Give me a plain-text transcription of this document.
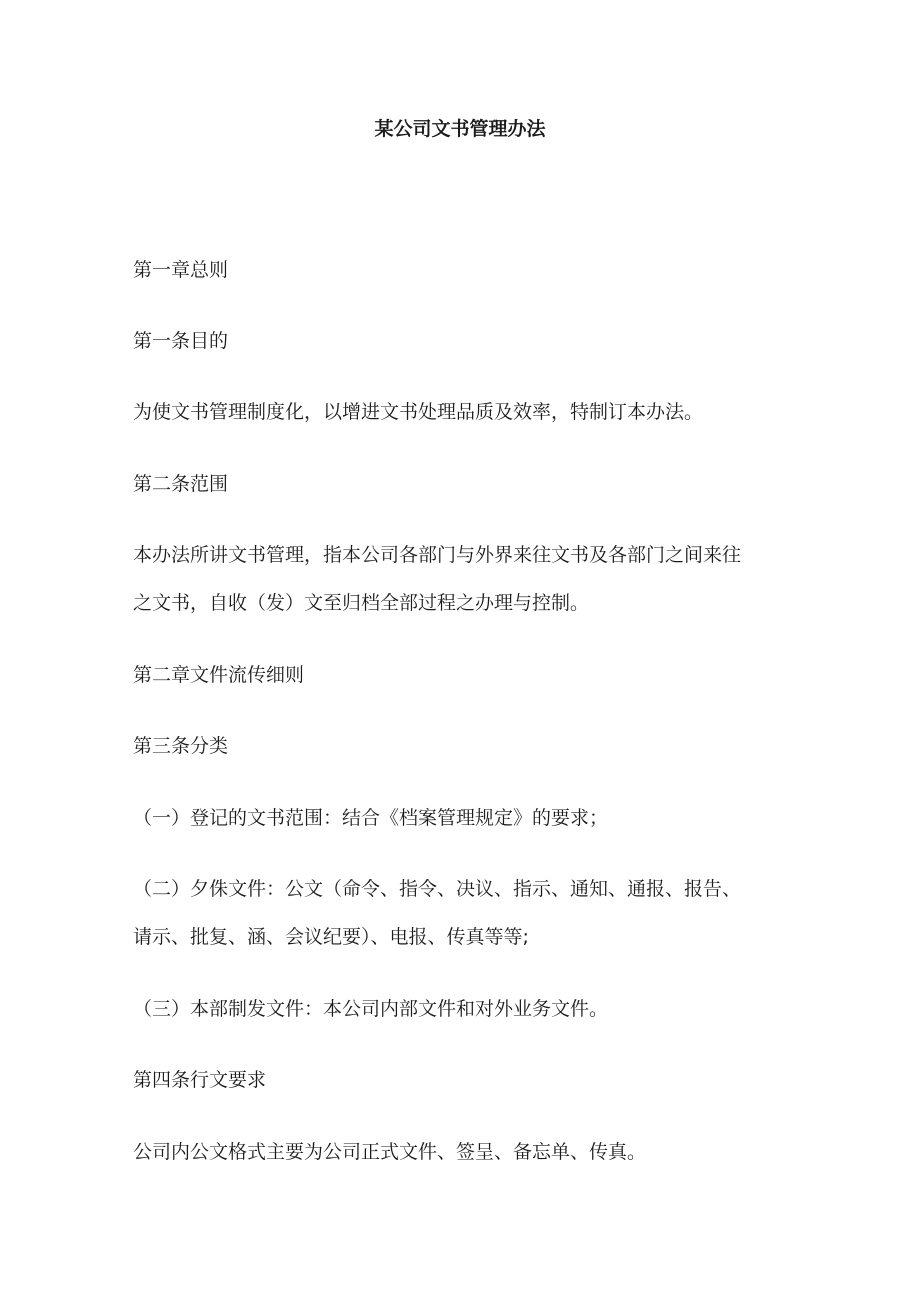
某公司文书管理办法

第一章总则

第一条目的

为使文书管理制度化，以增进文书处理品质及效率，特制订本办法。

第二条范围

本办法所讲文书管理，指本公司各部门与外界来往文书及各部门之间来往
之文书，自收（发）文至归档全部过程之办理与控制。

第二章文件流传细则

第三条分类

（一）登记的文书范围：结合《档案管理规定》的要求；

（二）夕侏文件：公文（命令、指令、决议、指示、通知、通报、报告、
请示、批复、涵、会议纪要）、电报、传真等等;

（三）本部制发文件：本公司内部文件和对外业务文件。

第四条行文要求

公司内公文格式主要为公司正式文件、签呈、备忘单、传真。
